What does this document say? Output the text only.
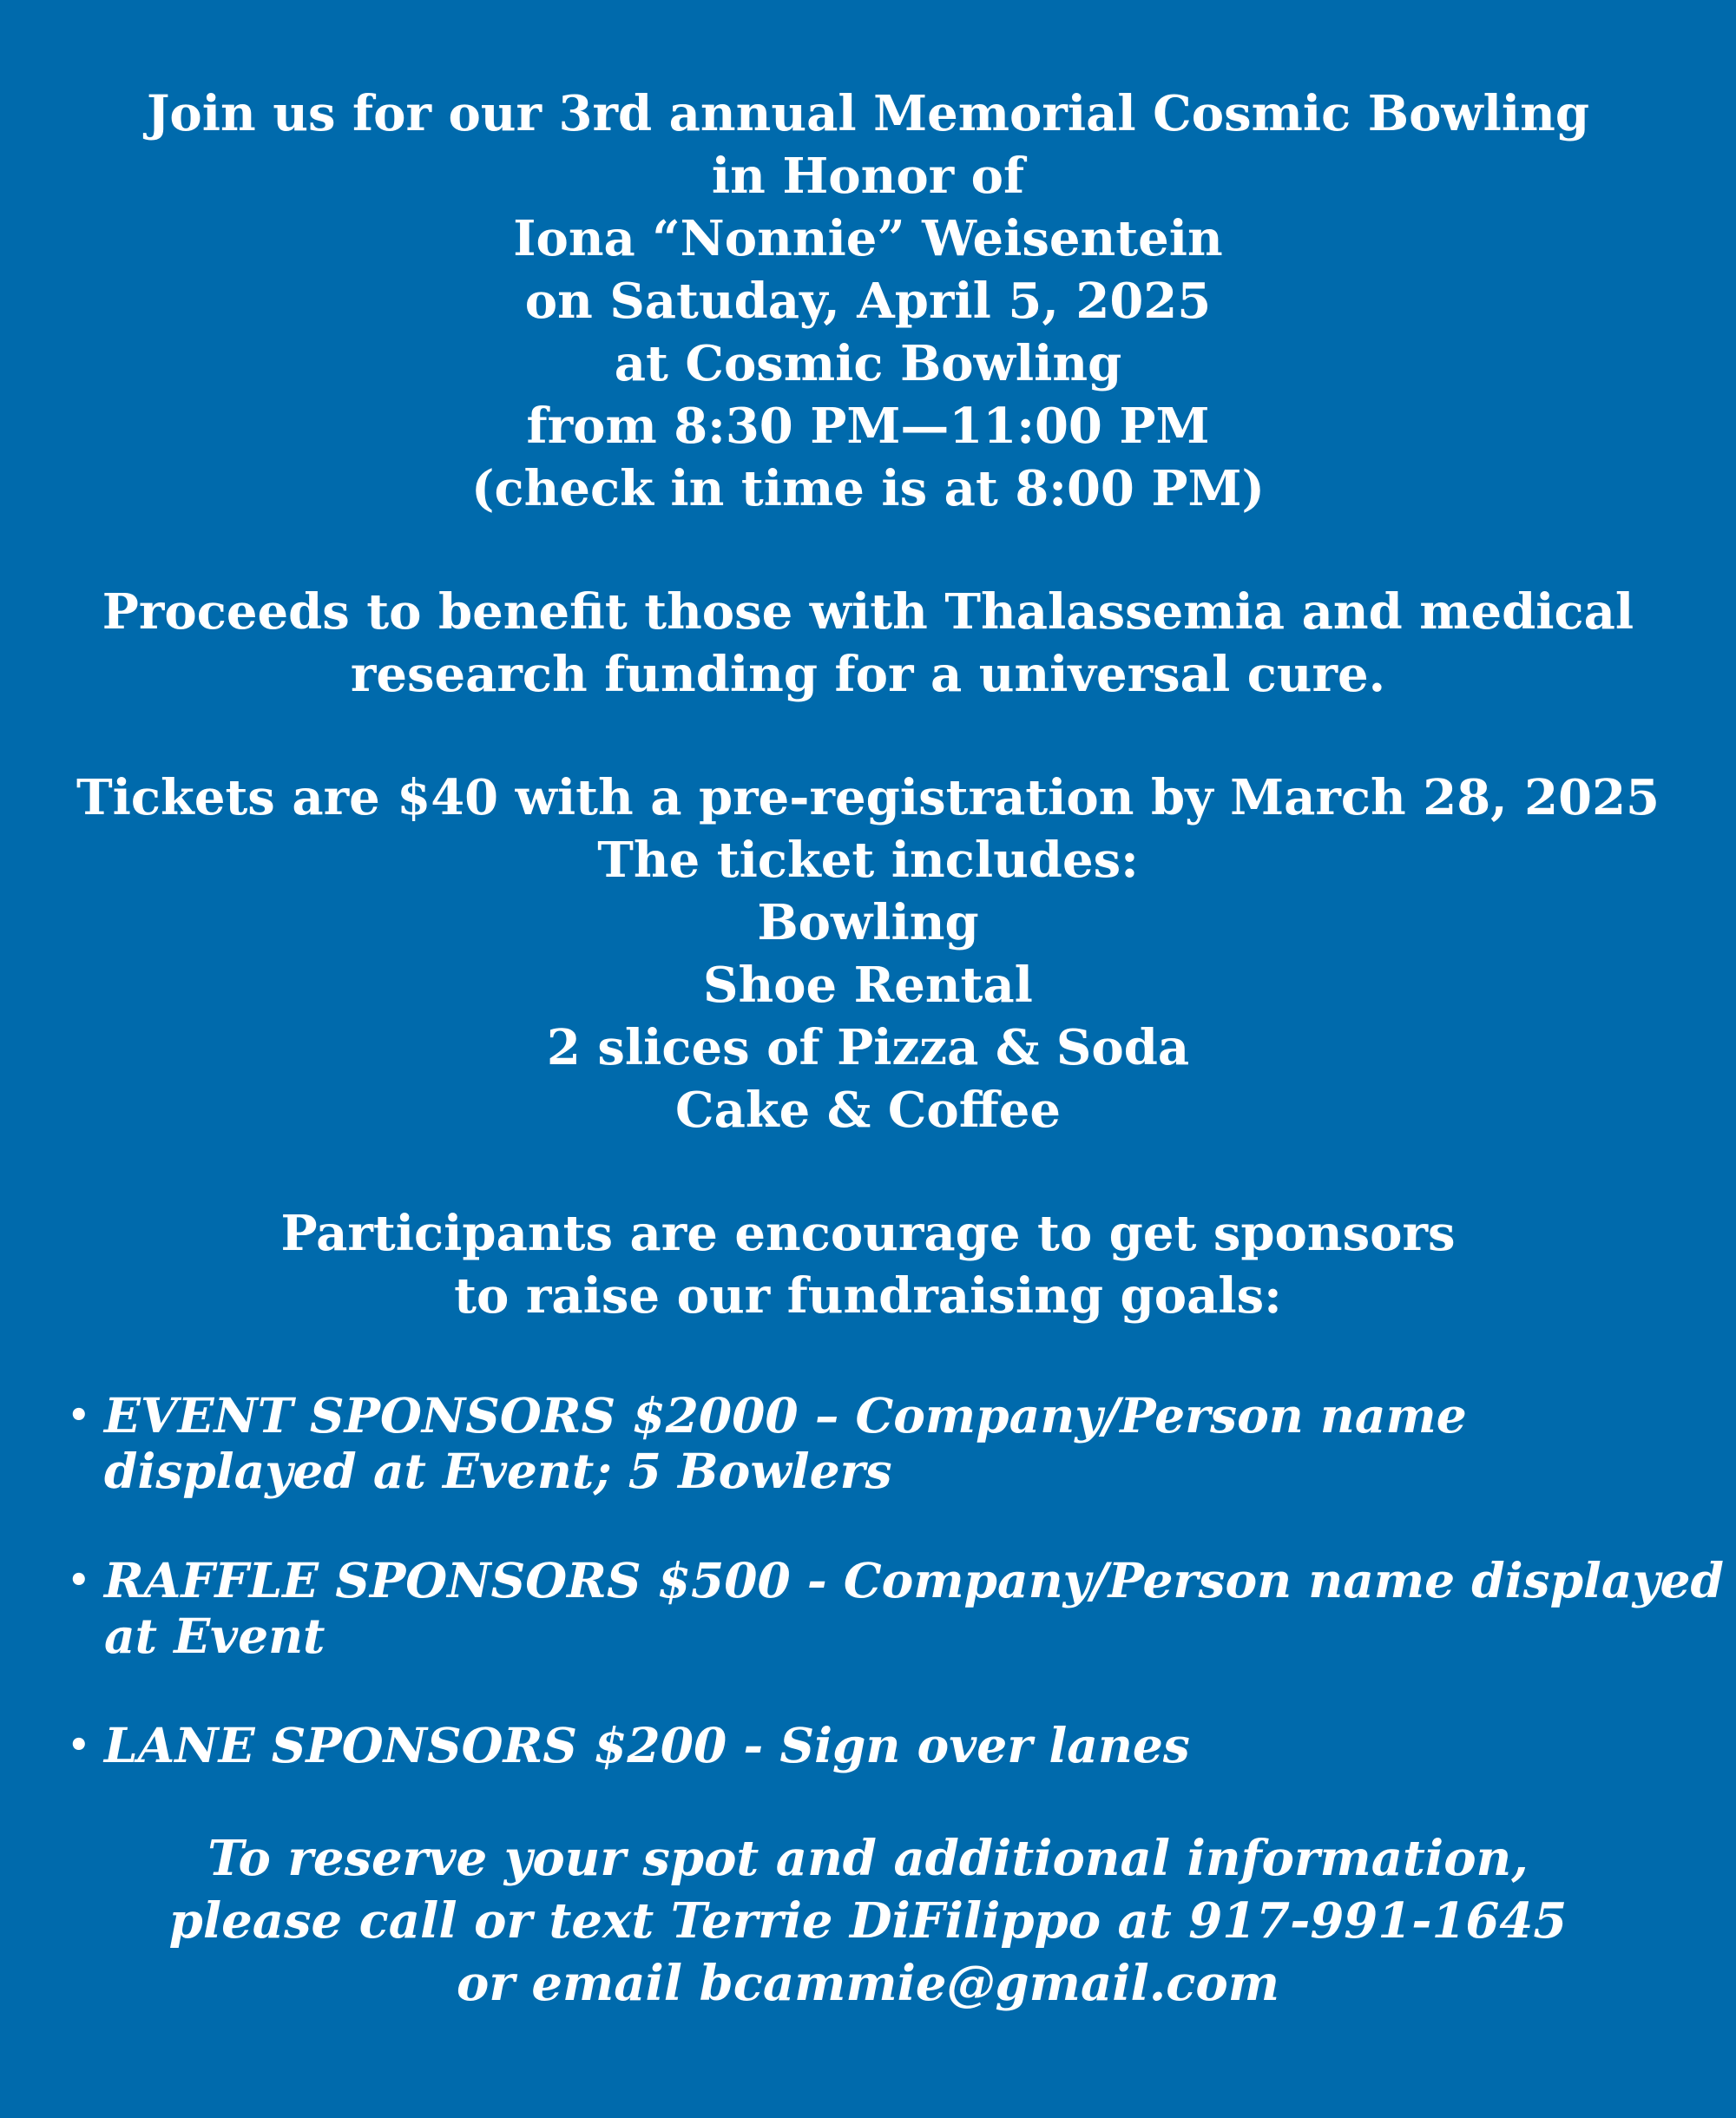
Join us for our 3rd annual Memorial Cosmic Bowling
in Honor of
Iona “Nonnie” Weisentein
on Satuday, April 5, 2025
at Cosmic Bowling
from 8:30 PM—11:00 PM
(check in time is at 8:00 PM)
Proceeds to benefit those with Thalassemia and medical
research funding for a universal cure.
Tickets are $40 with a pre-registration by March 28, 2025
The ticket includes:
Bowling
Shoe Rental
2 slices of Pizza & Soda
Cake & Coffee
Participants are encourage to get sponsors
to raise our fundraising goals:
• EVENT SPONSORS $2000 – Company/Person name
displayed at Event; 5 Bowlers
• RAFFLE SPONSORS $500 - Company/Person name displayed
at Event
• LANE SPONSORS $200 - Sign over lanes
To reserve your spot and additional information,
please call or text Terrie DiFilippo at 917-991-1645
or email bcammie@gmail.com
